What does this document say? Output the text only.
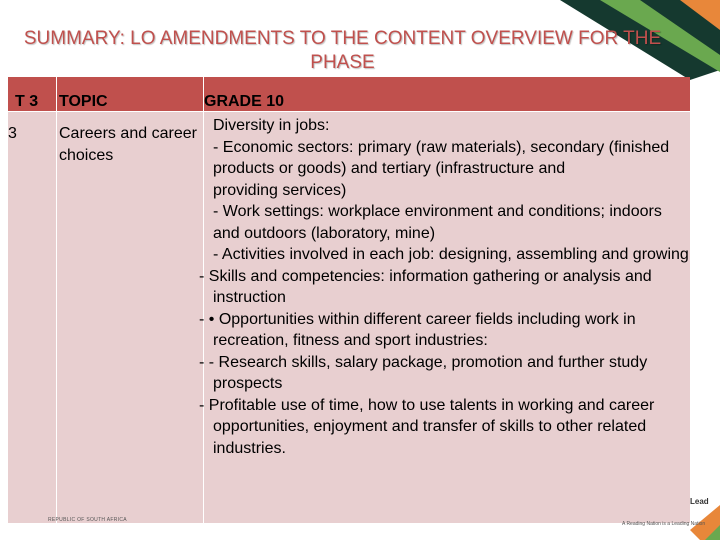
SUMMARY: LO AMENDMENTS TO THE CONTENT OVERVIEW FOR THE PHASE
T 3 TOPIC	GRADE 10
3	Careers and career choices
Diversity in jobs:
- Economic sectors: primary (raw materials), secondary (finished products or goods) and tertiary (infrastructure and
providing services)
- Work settings: workplace environment and conditions; indoors and outdoors (laboratory, mine)
- Activities involved in each job: designing, assembling and growing
- Skills and competencies: information gathering or analysis and instruction
- • Opportunities within different career fields including work in recreation, fitness and sport industries:
- - Research skills, salary package, promotion and further study prospects
- Profitable use of time, how to use talents in working and career opportunities, enjoyment and transfer of skills to other related industries.
REPUBLIC OF SOUTH AFRICA
A Reading Nation is a Leading Nation
Lead
